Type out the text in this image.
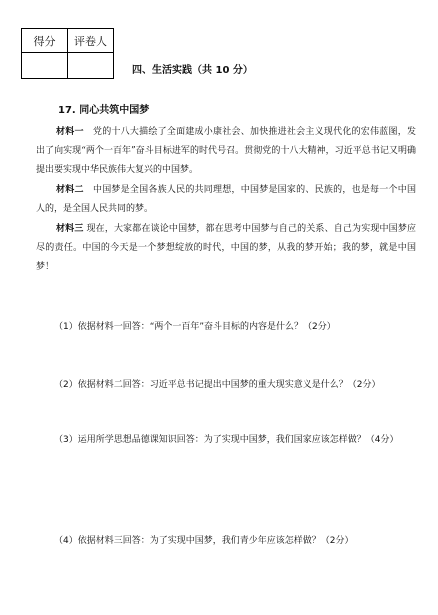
得分	评卷人

四、生活实践（共 10 分）
17. 同心共筑中国梦

材料一　党的十八大描绘了全面建成小康社会、加快推进社会主义现代化的宏伟蓝图，发出了向实现“两个一百年”奋斗目标进军的时代号召。贯彻党的十八大精神，习近平总书记又明确提出要实现中华民族伟大复兴的中国梦。

材料二　中国梦是全国各族人民的共同理想，中国梦是国家的、民族的，也是每一个中国人的，是全国人民共同的梦。

材料三 现在，大家都在谈论中国梦，都在思考中国梦与自己的关系、自己为实现中国梦应尽的责任。中国的今天是一个梦想绽放的时代，中国的梦，从我的梦开始；我的梦，就是中国梦！

（1）依据材料一回答：“两个一百年”奋斗目标的内容是什么？（2分）
（2）依据材料二回答：习近平总书记提出中国梦的重大现实意义是什么？（2分）
（3）运用所学思想品德课知识回答：为了实现中国梦，我们国家应该怎样做？（4分）
（4）依据材料三回答：为了实现中国梦，我们青少年应该怎样做？（2分）
